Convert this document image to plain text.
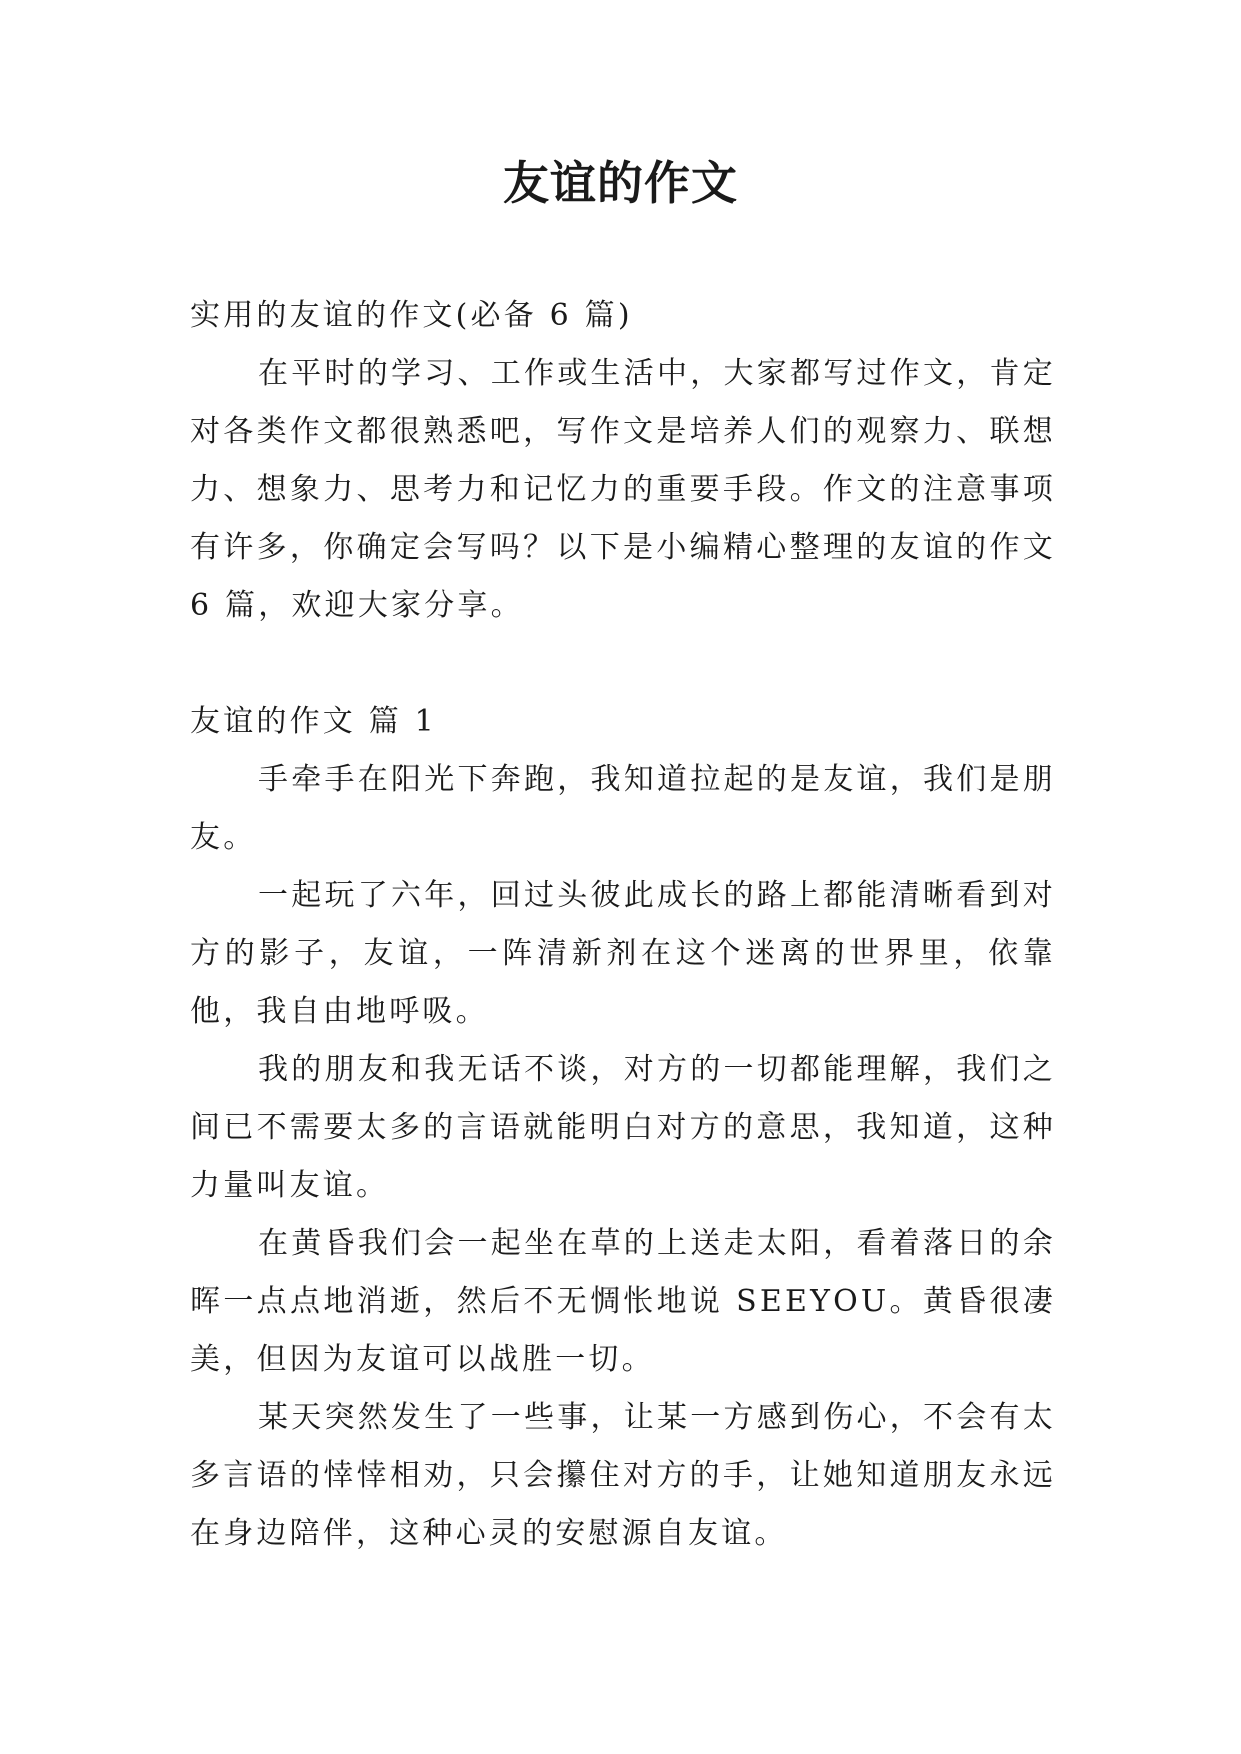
友谊的作文

实用的友谊的作文(必备 6 篇)

在平时的学习、工作或生活中，大家都写过作文，肯定对各类作文都很熟悉吧，写作文是培养人们的观察力、联想力、想象力、思考力和记忆力的重要手段。作文的注意事项有许多，你确定会写吗？以下是小编精心整理的友谊的作文 6 篇，欢迎大家分享。

友谊的作文 篇 1

手牵手在阳光下奔跑，我知道拉起的是友谊，我们是朋友。

一起玩了六年，回过头彼此成长的路上都能清晰看到对方的影子，友谊，一阵清新剂在这个迷离的世界里，依靠他，我自由地呼吸。

我的朋友和我无话不谈，对方的一切都能理解，我们之间已不需要太多的言语就能明白对方的意思，我知道，这种力量叫友谊。

在黄昏我们会一起坐在草的上送走太阳，看着落日的余晖一点点地消逝，然后不无惆怅地说 SEEYOU。黄昏很凄美，但因为友谊可以战胜一切。

某天突然发生了一些事，让某一方感到伤心，不会有太多言语的悻悻相劝，只会攥住对方的手，让她知道朋友永远在身边陪伴，这种心灵的安慰源自友谊。
